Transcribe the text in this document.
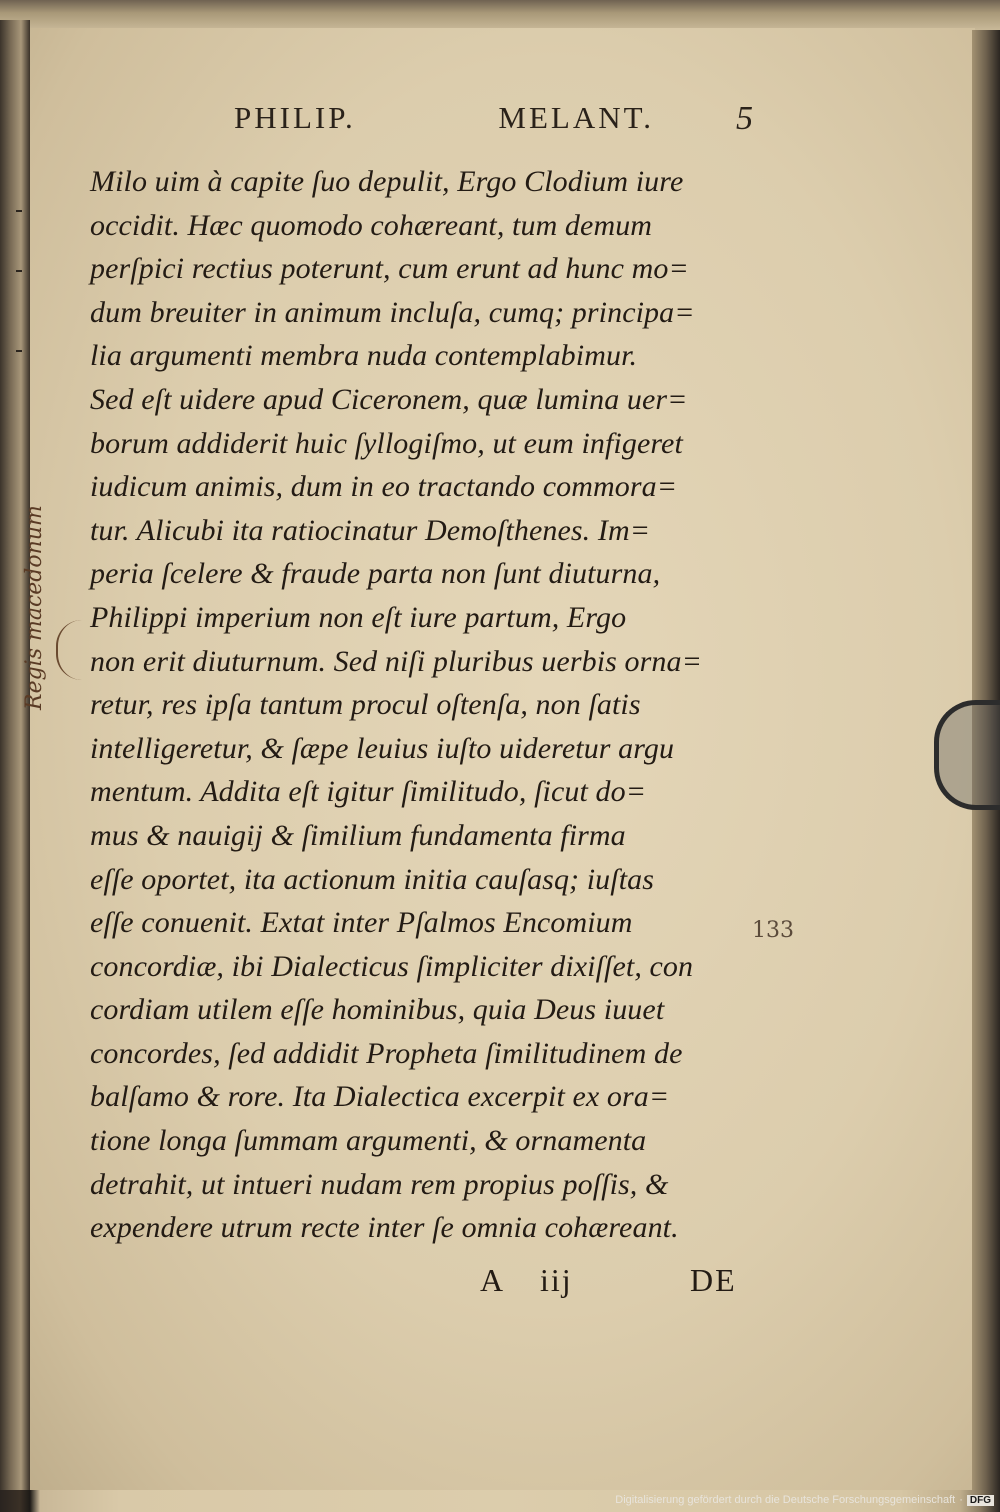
PHILIP.	MELANT. 5
Milo uim à capite ſuo depulit, Ergo Clodium iure
occidit. Hæc quomodo cohæreant, tum demum
perſpici rectius poterunt, cum erunt ad hunc mo=
dum breuiter in animum incluſa, cumq; principa=
lia argumenti membra nuda contemplabimur.
Sed eſt uidere apud Ciceronem, quæ lumina uer=
borum addiderit huic ſyllogiſmo, ut eum infigeret
iudicum animis, dum in eo tractando commora=
tur. Alicubi ita ratiocinatur Demoſthenes. Im=
peria ſcelere & fraude parta non ſunt diuturna,
Philippi imperium non eſt iure partum, Ergo
non erit diuturnum. Sed niſi pluribus uerbis orna=
retur, res ipſa tantum procul oſtenſa, non ſatis
intelligeretur, & ſæpe leuius iuſto uideretur argu
mentum. Addita eſt igitur ſimilitudo, ſicut do=
mus & nauigij & ſimilium fundamenta firma
eſſe oportet, ita actionum initia cauſasq; iuſtas
eſſe conuenit. Extat inter Pſalmos Encomium
concordiæ, ibi Dialecticus ſimpliciter dixiſſet, con
cordiam utilem eſſe hominibus, quia Deus iuuet
concordes, ſed addidit Propheta ſimilitudinem de
balſamo & rore. Ita Dialectica excerpit ex ora=
tione longa ſummam argumenti, & ornamenta
detrahit, ut intueri nudam rem propius poſſis, &
expendere utrum recte inter ſe omnia cohæreant.
A iij	DE
Regis macedonum
133
Digitalisierung gefördert durch die Deutsche Forschungsgemeinschaft · DFG
